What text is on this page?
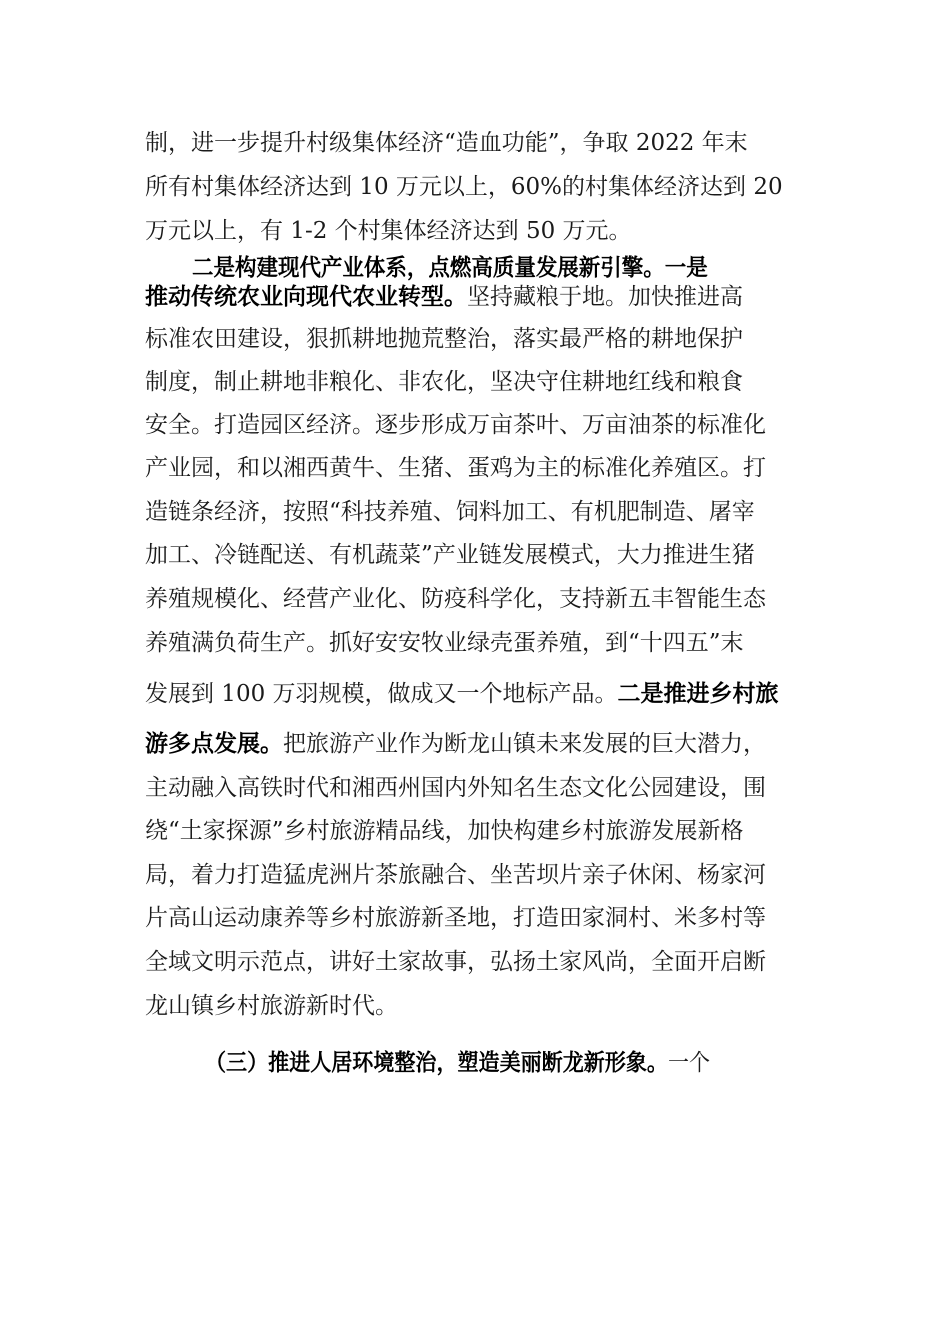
制，进一步提升村级集体经济“造血功能”，争取 2022 年末
所有村集体经济达到 10 万元以上，60%的村集体经济达到 20
万元以上，有 1-2 个村集体经济达到 50 万元。
二是构建现代产业体系，点燃高质量发展新引擎。一是
推动传统农业向现代农业转型。坚持藏粮于地。加快推进高
标准农田建设，狠抓耕地抛荒整治，落实最严格的耕地保护
制度，制止耕地非粮化、非农化，坚决守住耕地红线和粮食
安全。打造园区经济。逐步形成万亩茶叶、万亩油茶的标准化
产业园，和以湘西黄牛、生猪、蛋鸡为主的标准化养殖区。打
造链条经济，按照“科技养殖、饲料加工、有机肥制造、屠宰
加工、冷链配送、有机蔬菜”产业链发展模式，大力推进生猪
养殖规模化、经营产业化、防疫科学化，支持新五丰智能生态
养殖满负荷生产。抓好安安牧业绿壳蛋养殖，到“十四五”末
发展到 100 万羽规模，做成又一个地标产品。二是推进乡村旅
游多点发展。把旅游产业作为断龙山镇未来发展的巨大潜力，
主动融入高铁时代和湘西州国内外知名生态文化公园建设，围
绕“土家探源”乡村旅游精品线，加快构建乡村旅游发展新格
局，着力打造猛虎洲片茶旅融合、坐苦坝片亲子休闲、杨家河
片高山运动康养等乡村旅游新圣地，打造田家洞村、米多村等
全域文明示范点，讲好土家故事，弘扬土家风尚，全面开启断
龙山镇乡村旅游新时代。
（三）推进人居环境整治，塑造美丽断龙新形象。一个
